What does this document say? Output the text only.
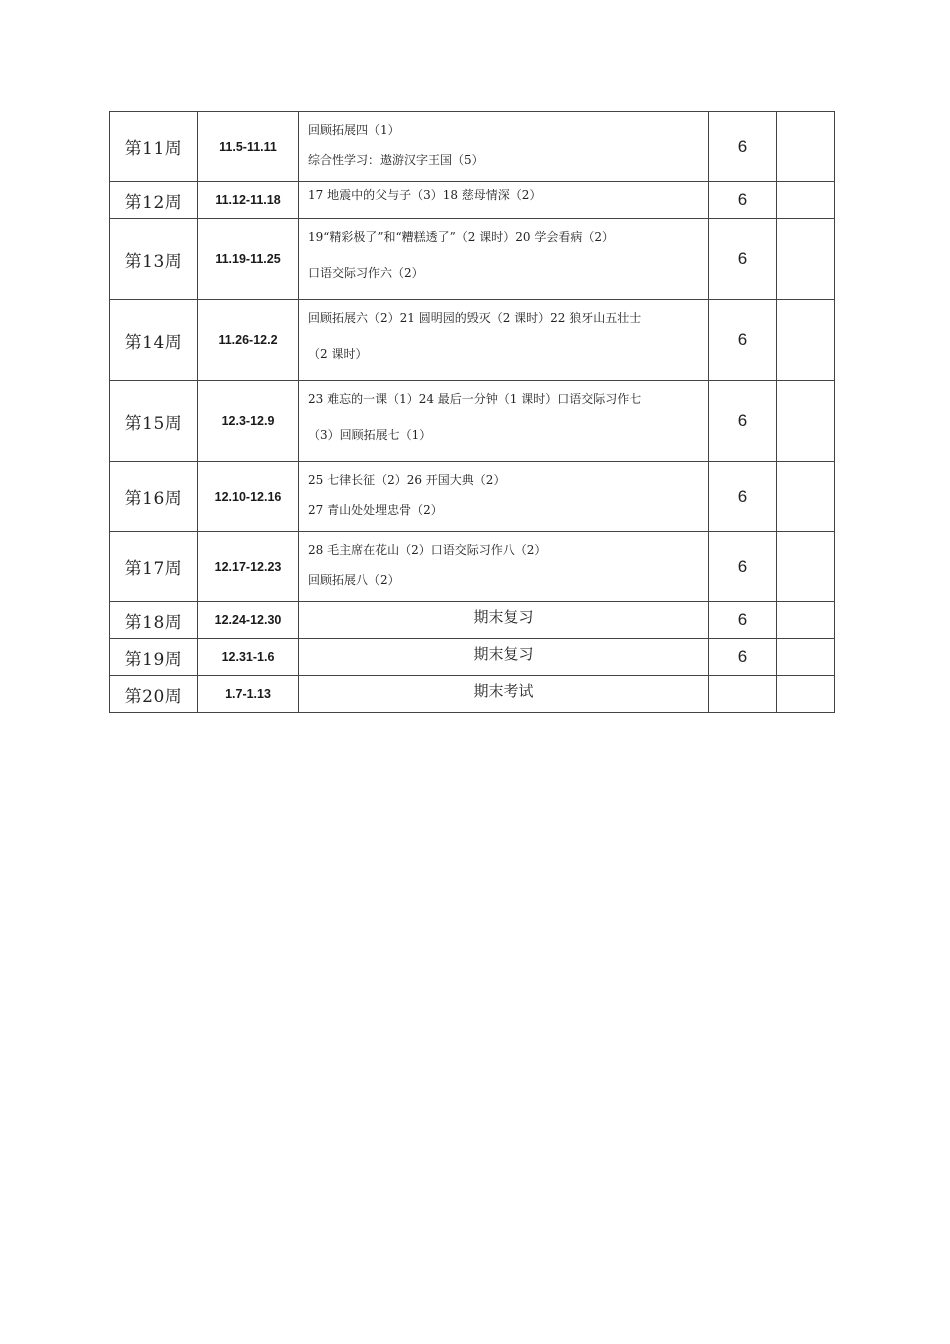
第11周	11.5-11.11	回顾拓展四（1）
综合性学习：遨游汉字王国（5）	6	
第12周	11.12-11.18	17 地震中的父与子（3）18 慈母情深（2）	6	
第13周	11.19-11.25	19“精彩极了”和“糟糕透了”（2 课时）20 学会看病（2）
口语交际习作六（2）	6	
第14周	11.26-12.2	回顾拓展六（2）21 圆明园的毁灭（2 课时）22 狼牙山五壮士
（2 课时）	6	
第15周	12.3-12.9	23 难忘的一课（1）24 最后一分钟（1 课时）口语交际习作七
（3）回顾拓展七（1）	6	
第16周	12.10-12.16	25 七律长征（2）26 开国大典（2）
27 青山处处埋忠骨（2）	6	
第17周	12.17-12.23	28 毛主席在花山（2）口语交际习作八（2）
回顾拓展八（2）	6	
第18周	12.24-12.30	期末复习	6	
第19周	12.31-1.6	期末复习	6	
第20周	1.7-1.13	期末考试		
